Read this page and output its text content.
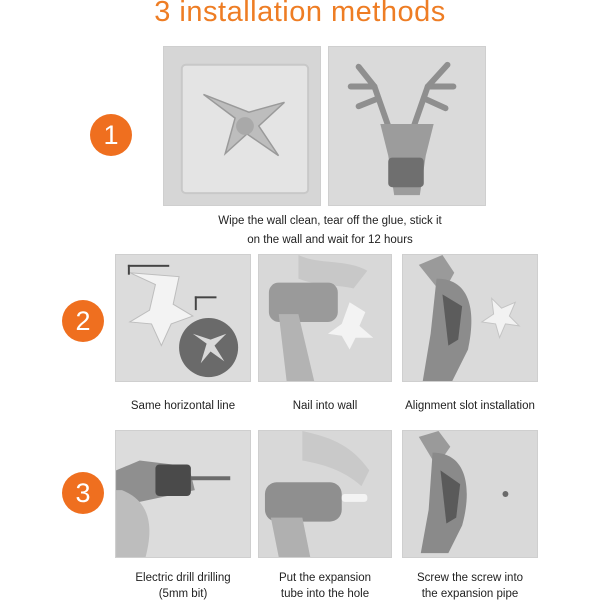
3 installation methods
1
Wipe the wall clean, tear off the glue, stick it
on the wall and wait for 12 hours
2
Same horizontal line	Nail into wall	Alignment slot installation
3
Electric drill drilling
(5mm bit)
Put the expansion
tube into the hole
Screw the screw into
the expansion pipe
